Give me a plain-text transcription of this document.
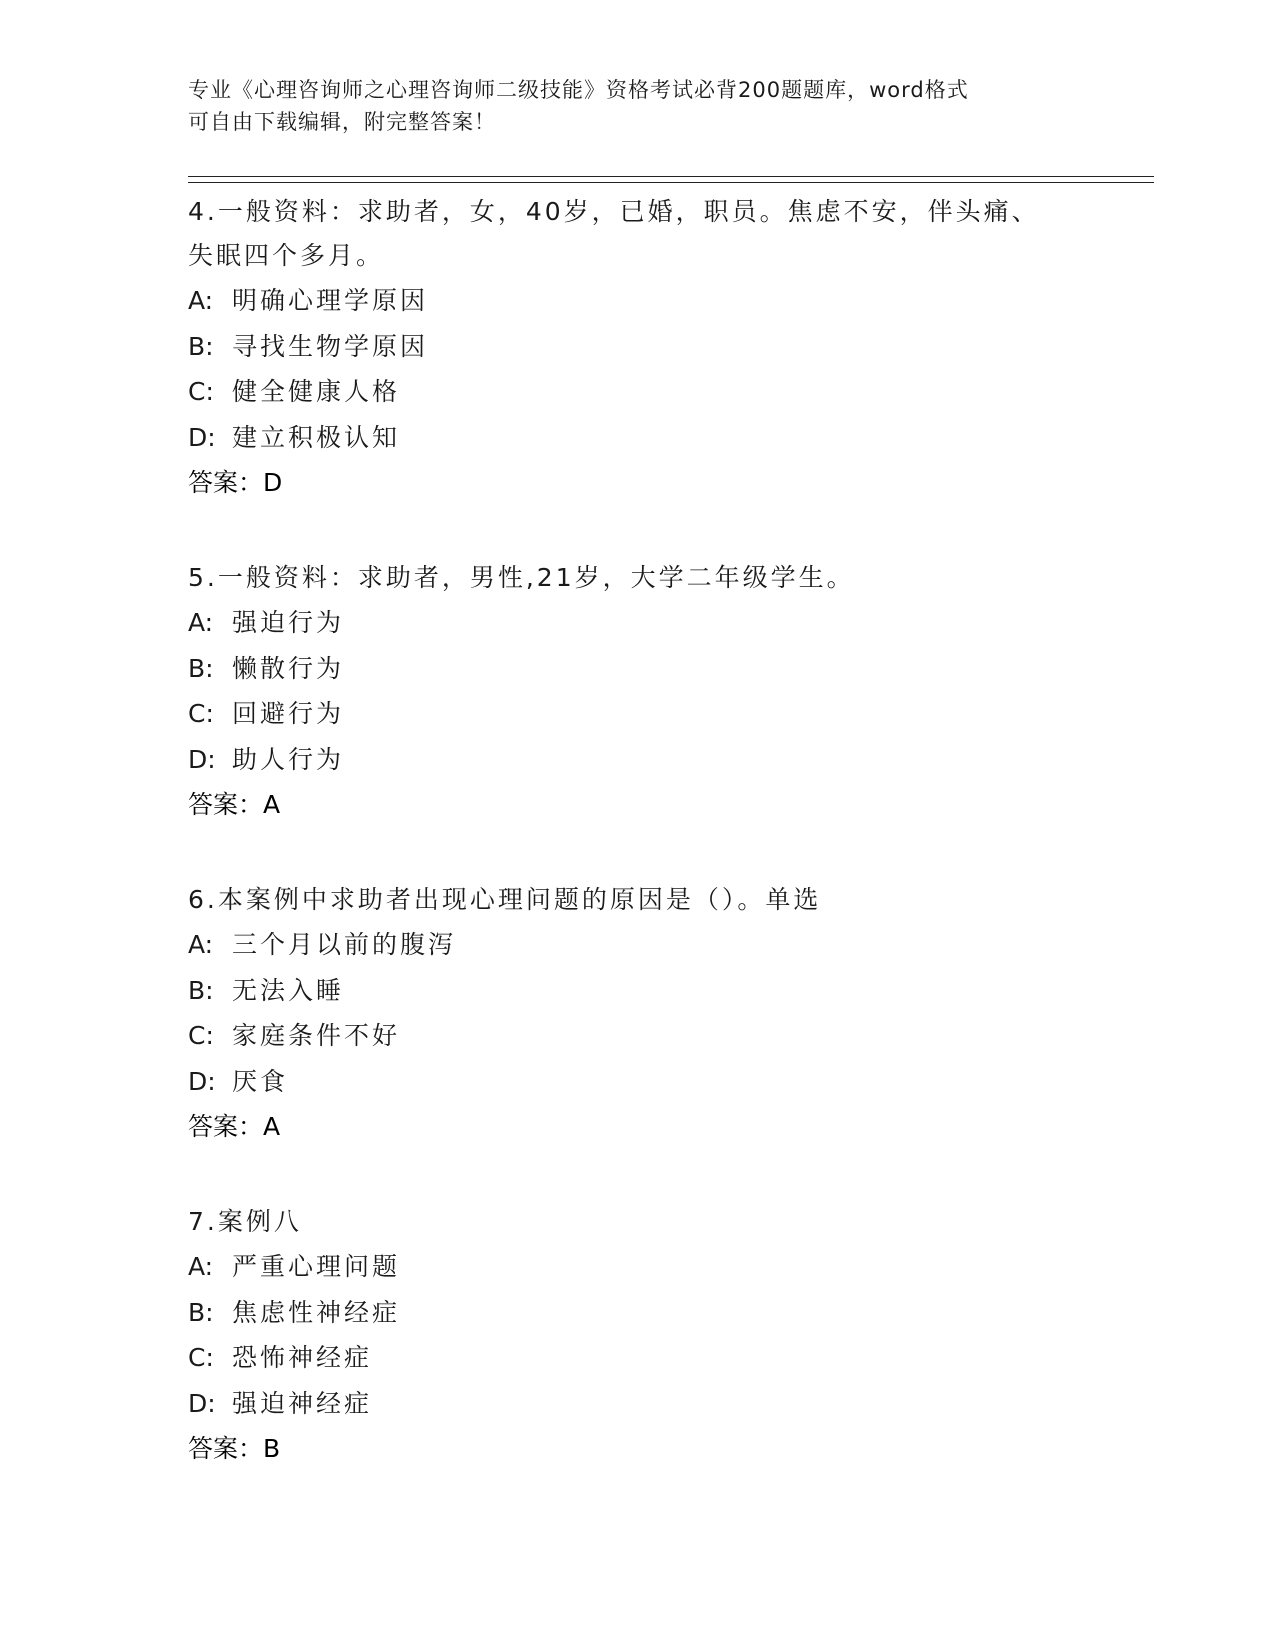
专业《心理咨询师之心理咨询师二级技能》资格考试必背200题题库，word格式
可自由下载编辑，附完整答案！

4.一般资料：求助者，女，40岁，已婚，职员。焦虑不安，伴头痛、

失眠四个多月。

A: 明确心理学原因

B: 寻找生物学原因

C: 健全健康人格

D: 建立积极认知

答案：D

5.一般资料：求助者，男性,21岁，大学二年级学生。

A: 强迫行为

B: 懒散行为

C: 回避行为

D: 助人行为

答案：A

6.本案例中求助者出现心理问题的原因是（）。单选

A: 三个月以前的腹泻

B: 无法入睡

C: 家庭条件不好

D: 厌食

答案：A

7.案例八

A: 严重心理问题

B: 焦虑性神经症

C: 恐怖神经症

D: 强迫神经症

答案：B
